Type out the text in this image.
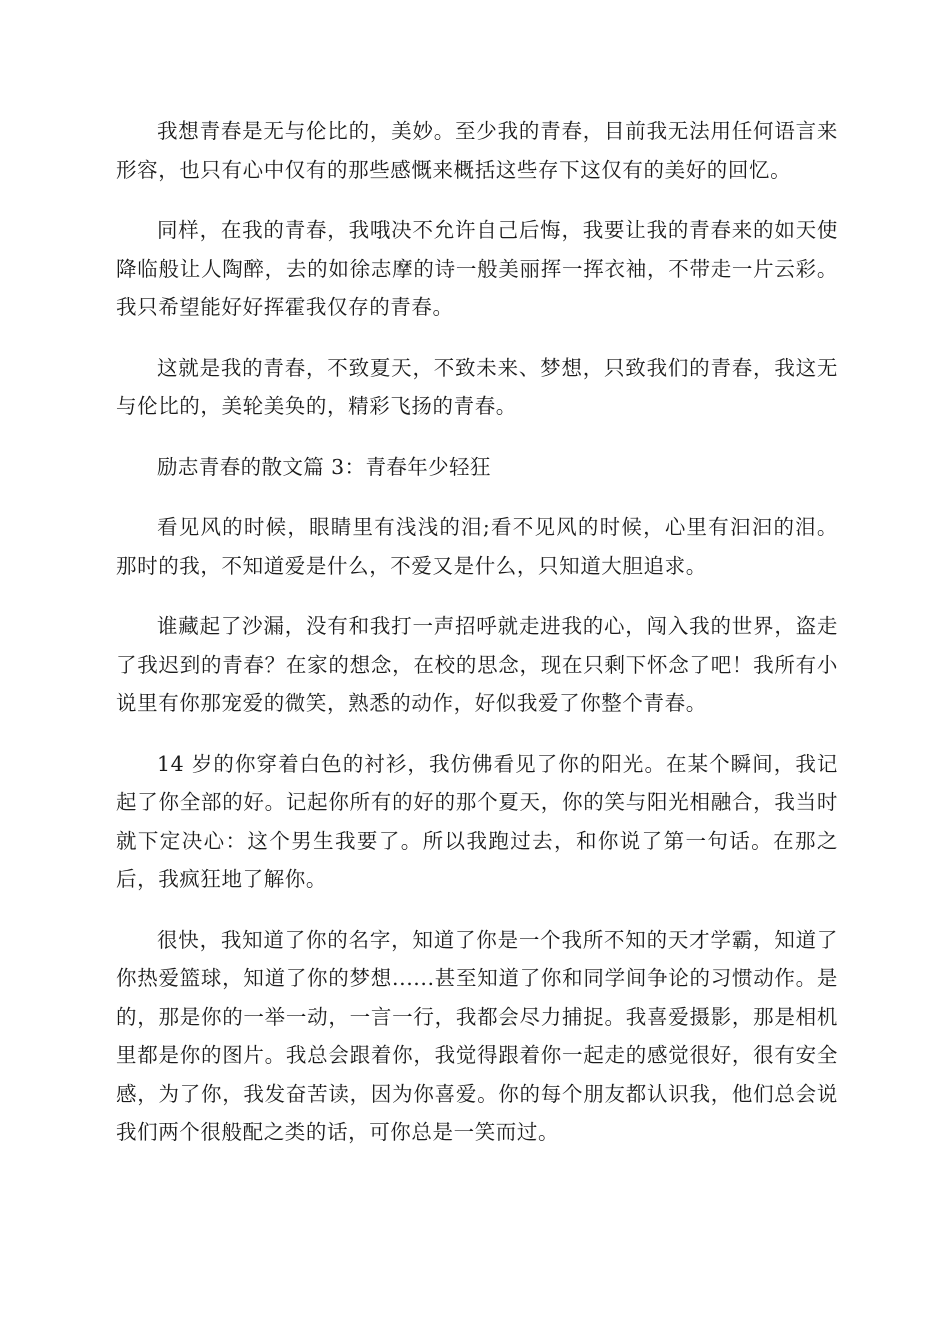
我想青春是无与伦比的，美妙。至少我的青春，目前我无法用任何语言来形容，也只有心中仅有的那些感慨来概括这些存下这仅有的美好的回忆。

同样，在我的青春，我哦决不允许自己后悔，我要让我的青春来的如天使降临般让人陶醉，去的如徐志摩的诗一般美丽挥一挥衣袖，不带走一片云彩。我只希望能好好挥霍我仅存的青春。

这就是我的青春，不致夏天，不致未来、梦想，只致我们的青春，我这无与伦比的，美轮美奂的，精彩飞扬的青春。

励志青春的散文篇 3：青春年少轻狂

看见风的时候，眼睛里有浅浅的泪;看不见风的时候，心里有汩汩的泪。那时的我，不知道爱是什么，不爱又是什么，只知道大胆追求。

谁藏起了沙漏，没有和我打一声招呼就走进我的心，闯入我的世界，盗走了我迟到的青春？在家的想念，在校的思念，现在只剩下怀念了吧！我所有小说里有你那宠爱的微笑，熟悉的动作，好似我爱了你整个青春。

14 岁的你穿着白色的衬衫，我仿佛看见了你的阳光。在某个瞬间，我记起了你全部的好。记起你所有的好的那个夏天，你的笑与阳光相融合，我当时就下定决心：这个男生我要了。所以我跑过去，和你说了第一句话。在那之后，我疯狂地了解你。

很快，我知道了你的名字，知道了你是一个我所不知的天才学霸，知道了你热爱篮球，知道了你的梦想......甚至知道了你和同学间争论的习惯动作。是的，那是你的一举一动，一言一行，我都会尽力捕捉。我喜爱摄影，那是相机里都是你的图片。我总会跟着你，我觉得跟着你一起走的感觉很好，很有安全感，为了你，我发奋苦读，因为你喜爱。你的每个朋友都认识我，他们总会说我们两个很般配之类的话，可你总是一笑而过。
